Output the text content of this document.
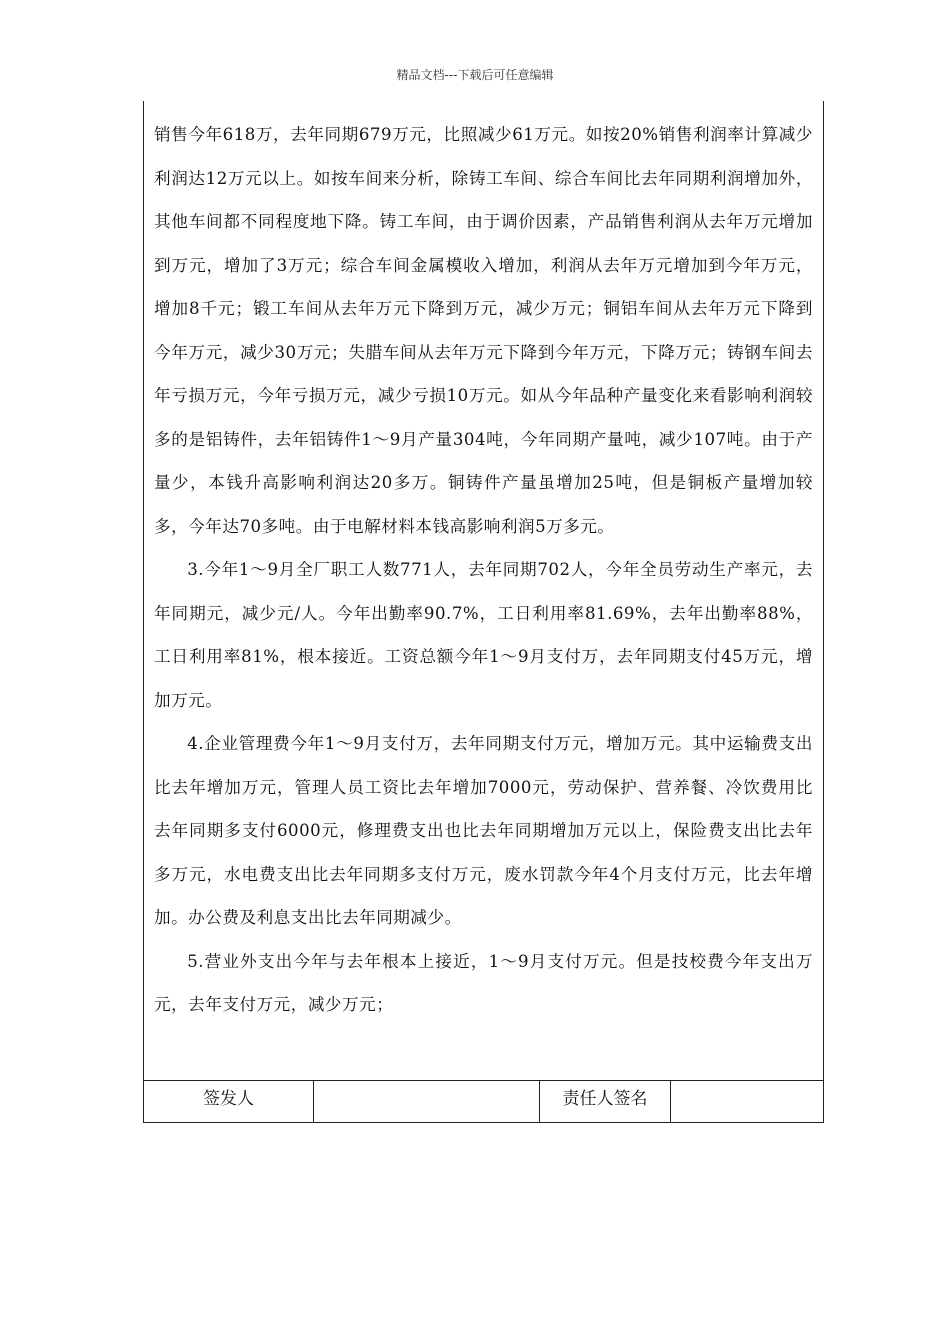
精品文档---下载后可任意编辑

销售今年618万，去年同期679万元，比照减少61万元。如按20%销售利润率计算减少利润达12万元以上。如按车间来分析，除铸工车间、综合车间比去年同期利润增加外，其他车间都不同程度地下降。铸工车间，由于调价因素，产品销售利润从去年万元增加到万元，增加了3万元；综合车间金属模收入增加，利润从去年万元增加到今年万元，增加8千元；锻工车间从去年万元下降到万元，减少万元；铜铝车间从去年万元下降到今年万元，减少30万元；失腊车间从去年万元下降到今年万元，下降万元；铸钢车间去年亏损万元，今年亏损万元，减少亏损10万元。如从今年品种产量变化来看影响利润较多的是铝铸件，去年铝铸件1～9月产量304吨，今年同期产量吨，减少107吨。由于产量少，本钱升高影响利润达20多万。铜铸件产量虽增加25吨，但是铜板产量增加较多，今年达70多吨。由于电解材料本钱高影响利润5万多元。

3.今年1～9月全厂职工人数771人，去年同期702人，今年全员劳动生产率元，去年同期元，减少元/人。今年出勤率90.7%，工日利用率81.69%，去年出勤率88%，工日利用率81%，根本接近。工资总额今年1～9月支付万，去年同期支付45万元，增加万元。

4.企业管理费今年1～9月支付万，去年同期支付万元，增加万元。其中运输费支出比去年增加万元，管理人员工资比去年增加7000元，劳动保护、营养餐、冷饮费用比去年同期多支付6000元，修理费支出也比去年同期增加万元以上，保险费支出比去年多万元，水电费支出比去年同期多支付万元，废水罚款今年4个月支付万元，比去年增加。办公费及利息支出比去年同期减少。

5.营业外支出今年与去年根本上接近，1～9月支付万元。但是技校费今年支出万元，去年支付万元，减少万元；

签发人	责任人签名
